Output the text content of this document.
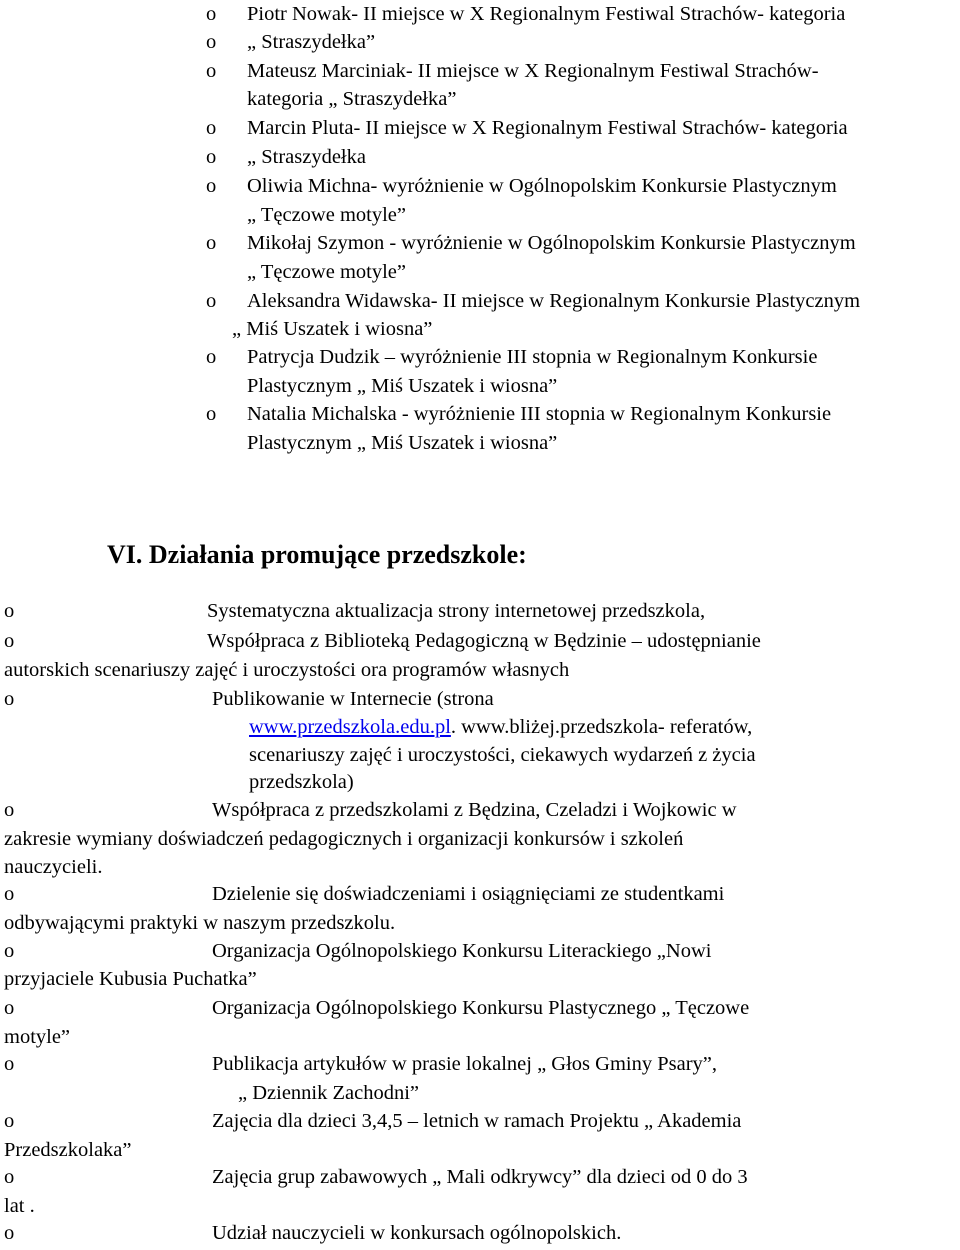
o Piotr Nowak- II miejsce w X Regionalnym Festiwal Strachów- kategoria
o „ Straszydełka”
o Mateusz Marciniak- II miejsce w X Regionalnym Festiwal Strachów-
kategoria „ Straszydełka”
o Marcin Pluta- II miejsce w X Regionalnym Festiwal Strachów- kategoria
o „ Straszydełka
o Oliwia Michna- wyróżnienie w Ogólnopolskim Konkursie Plastycznym
„ Tęczowe motyle”
o Mikołaj Szymon - wyróżnienie w Ogólnopolskim Konkursie Plastycznym
„ Tęczowe motyle”
o Aleksandra Widawska- II miejsce w Regionalnym Konkursie Plastycznym
„ Miś Uszatek i wiosna”
o Patrycja Dudzik – wyróżnienie III stopnia w Regionalnym Konkursie
Plastycznym „ Miś Uszatek i wiosna”
o Natalia Michalska - wyróżnienie III stopnia w Regionalnym Konkursie
Plastycznym „ Miś Uszatek i wiosna”
VI. Działania promujące przedszkole:
o	Systematyczna aktualizacja strony internetowej przedszkola,
o	Współpraca z Biblioteką Pedagogiczną w Będzinie – udostępnianie
autorskich scenariuszy zajęć i uroczystości ora programów własnych
o	Publikowanie w Internecie (strona
www.przedszkola.edu.pl. www.bliżej.przedszkola- referatów,
scenariuszy zajęć i uroczystości, ciekawych wydarzeń z życia
przedszkola)
o	Współpraca z przedszkolami z Będzina, Czeladzi i Wojkowic w
zakresie wymiany doświadczeń pedagogicznych i organizacji konkursów i szkoleń
nauczycieli.
o	Dzielenie się doświadczeniami i osiągnięciami ze studentkami
odbywającymi praktyki w naszym przedszkolu.
o	Organizacja Ogólnopolskiego Konkursu Literackiego „Nowi
przyjaciele Kubusia Puchatka”
o	Organizacja Ogólnopolskiego Konkursu Plastycznego „ Tęczowe
motyle”
o	Publikacja artykułów w prasie lokalnej „ Głos Gminy Psary”,
„ Dziennik Zachodni”
o	Zajęcia dla dzieci 3,4,5 – letnich w ramach Projektu „ Akademia
Przedszkolaka”
o	Zajęcia grup zabawowych „ Mali odkrywcy” dla dzieci od 0 do 3
lat .
o	Udział nauczycieli w konkursach ogólnopolskich.
